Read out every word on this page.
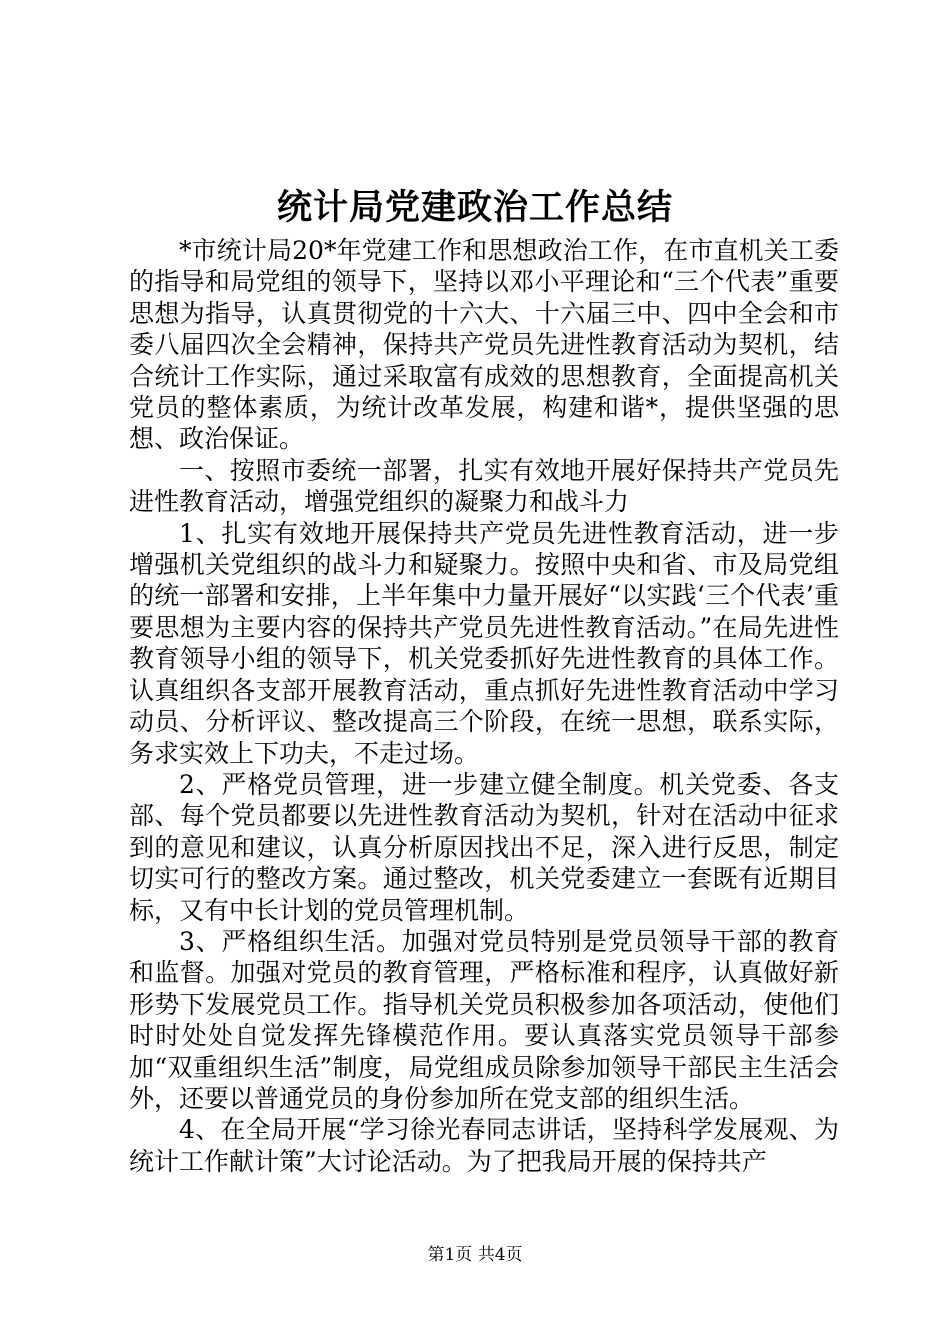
统计局党建政治工作总结

*市统计局20*年党建工作和思想政治工作，在市直机关工委的指导和局党组的领导下，坚持以邓小平理论和“三个代表”重要思想为指导，认真贯彻党的十六大、十六届三中、四中全会和市委八届四次全会精神，保持共产党员先进性教育活动为契机，结合统计工作实际，通过采取富有成效的思想教育，全面提高机关党员的整体素质，为统计改革发展，构建和谐*，提供坚强的思想、政治保证。

一、按照市委统一部署，扎实有效地开展好保持共产党员先进性教育活动，增强党组织的凝聚力和战斗力

1、扎实有效地开展保持共产党员先进性教育活动，进一步增强机关党组织的战斗力和疑聚力。按照中央和省、市及局党组的统一部署和安排，上半年集中力量开展好“以实践‘三个代表’重要思想为主要内容的保持共产党员先进性教育活动。”在局先进性教育领导小组的领导下，机关党委抓好先进性教育的具体工作。认真组织各支部开展教育活动，重点抓好先进性教育活动中学习动员、分析评议、整改提高三个阶段，在统一思想，联系实际，务求实效上下功夫，不走过场。

2、严格党员管理，进一步建立健全制度。机关党委、各支部、每个党员都要以先进性教育活动为契机，针对在活动中征求到的意见和建议，认真分析原因找出不足，深入进行反思，制定切实可行的整改方案。通过整改，机关党委建立一套既有近期目标，又有中长计划的党员管理机制。

3、严格组织生活。加强对党员特别是党员领导干部的教育和监督。加强对党员的教育管理，严格标准和程序，认真做好新形势下发展党员工作。指导机关党员积极参加各项活动，使他们时时处处自觉发挥先锋模范作用。要认真落实党员领导干部参加“双重组织生活”制度，局党组成员除参加领导干部民主生活会外，还要以普通党员的身份参加所在党支部的组织生活。

4、在全局开展“学习徐光春同志讲话，坚持科学发展观、为统计工作献计策”大讨论活动。为了把我局开展的保持共产

第1页 共4页
